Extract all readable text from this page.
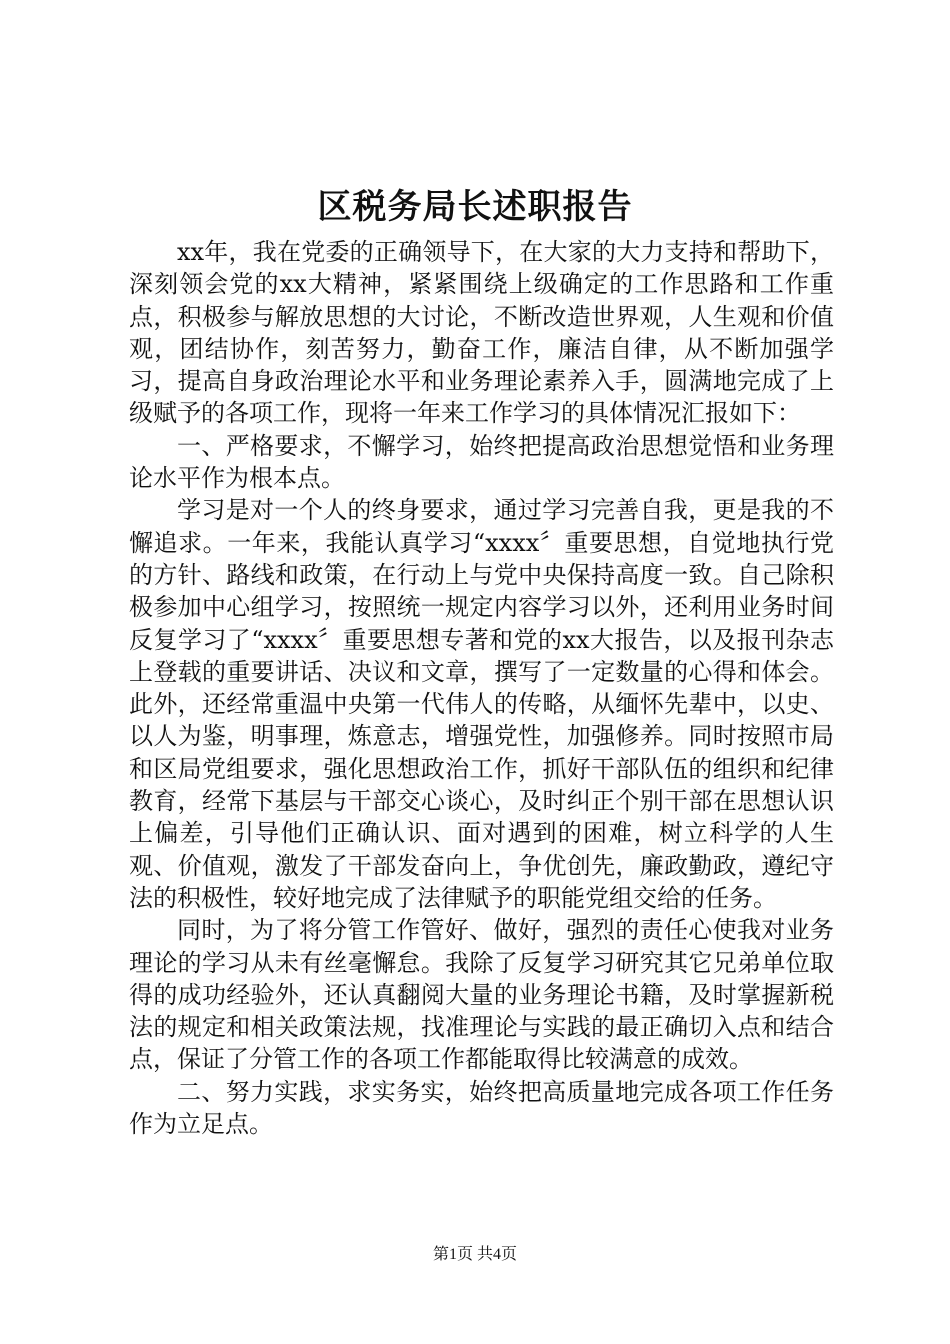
区税务局长述职报告

xx年，我在党委的正确领导下，在大家的大力支持和帮助下，深刻领会党的xx大精神，紧紧围绕上级确定的工作思路和工作重点，积极参与解放思想的大讨论，不断改造世界观，人生观和价值观，团结协作，刻苦努力，勤奋工作，廉洁自律，从不断加强学习，提高自身政治理论水平和业务理论素养入手，圆满地完成了上级赋予的各项工作，现将一年来工作学习的具体情况汇报如下：

一、严格要求，不懈学习，始终把提高政治思想觉悟和业务理论水平作为根本点。

学习是对一个人的终身要求，通过学习完善自我，更是我的不懈追求。一年来，我能认真学习“xxxx〞重要思想，自觉地执行党的方针、路线和政策，在行动上与党中央保持高度一致。自己除积极参加中心组学习，按照统一规定内容学习以外，还利用业务时间反复学习了“xxxx〞重要思想专著和党的xx大报告，以及报刊杂志上登载的重要讲话、决议和文章，撰写了一定数量的心得和体会。此外，还经常重温中央第一代伟人的传略，从缅怀先辈中，以史、以人为鉴，明事理，炼意志，增强党性，加强修养。同时按照市局和区局党组要求，强化思想政治工作，抓好干部队伍的组织和纪律教育，经常下基层与干部交心谈心，及时纠正个别干部在思想认识上偏差，引导他们正确认识、面对遇到的困难，树立科学的人生观、价值观，激发了干部发奋向上，争优创先，廉政勤政，遵纪守法的积极性，较好地完成了法律赋予的职能党组交给的任务。

同时，为了将分管工作管好、做好，强烈的责任心使我对业务理论的学习从未有丝毫懈怠。我除了反复学习研究其它兄弟单位取得的成功经验外，还认真翻阅大量的业务理论书籍，及时掌握新税法的规定和相关政策法规，找准理论与实践的最正确切入点和结合点，保证了分管工作的各项工作都能取得比较满意的成效。

二、努力实践，求实务实，始终把高质量地完成各项工作任务作为立足点。

第1页 共4页
